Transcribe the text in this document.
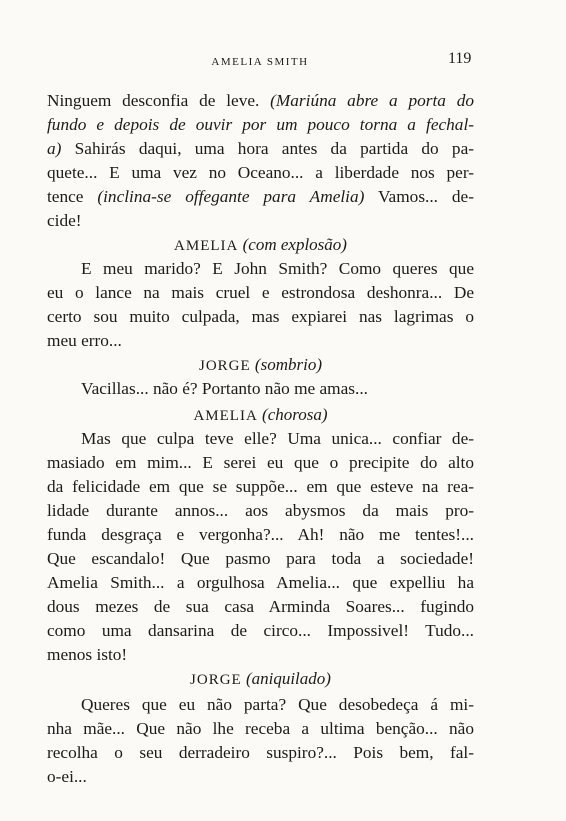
AMELIA SMITH	119
Ninguem desconfia de leve. (Mariúna abre a porta do
fundo e depois de ouvir por um pouco torna a fechal-
a) Sahirás daqui, uma hora antes da partida do pa-
quete... E uma vez no Oceano... a liberdade nos per-
tence (inclina-se offegante para Amelia) Vamos... de-
cide!
AMELIA (com explosão)
E meu marido? E John Smith? Como queres que
eu o lance na mais cruel e estrondosa deshonra... De
certo sou muito culpada, mas expiarei nas lagrimas o
meu erro...
JORGE (sombrio)
Vacillas... não é? Portanto não me amas...
AMELIA (chorosa)
Mas que culpa teve elle? Uma unica... confiar de-
masiado em mim... E serei eu que o precipite do alto
da felicidade em que se suppõe... em que esteve na rea-
lidade durante annos... aos abysmos da mais pro-
funda desgraça e vergonha?... Ah! não me tentes!...
Que escandalo! Que pasmo para toda a sociedade!
Amelia Smith... a orgulhosa Amelia... que expelliu ha
dous mezes de sua casa Arminda Soares... fugindo
como uma dansarina de circo... Impossivel! Tudo...
menos isto!
JORGE (aniquilado)
Queres que eu não parta? Que desobedeça á mi-
nha mãe... Que não lhe receba a ultima benção... não
recolha o seu derradeiro suspiro?... Pois bem, fal-
o-ei...
